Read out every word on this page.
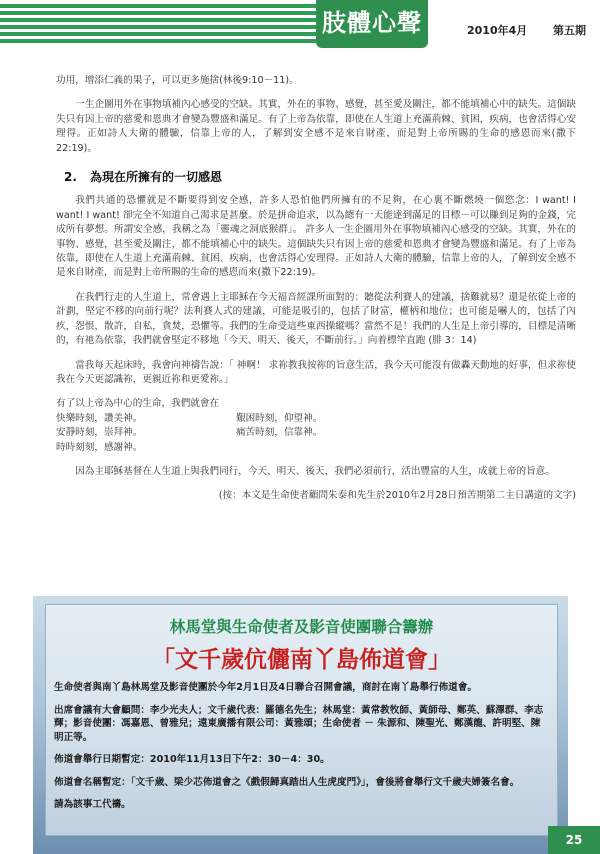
肢體心聲	2010年4月 第五期

功用，增添仁義的果子，可以更多施捨(林後9:10－11)。

一生企圖用外在事物填補內心感受的空缺。其實，外在的事物、感覺，甚至愛及關注，都不能填補心中的缺失。這個缺失只有因上帝的慈愛和恩典才會變為豐盛和滿足。有了上帝為依靠，即使在人生道上充滿荊棘、貧困，疾病，也會活得心安理得。正如詩人大衛的體驗，信靠上帝的人，了解到安全感不是來自財產，而是對上帝所賜的生命的感恩而來(撒下22:19)。

2. 為現在所擁有的一切感恩

我們共通的恐懼就是不斷要得到安全感，許多人恐怕他們所擁有的不足夠，在心裏不斷燃燒一個慾念：I want! I want! I want! 卻完全不知道自己渴求是甚麼。於是拼命追求，以為總有一天能達到滿足的目標－可以賺到足夠的金錢，完成所有夢想。所謂安全感，我稱之為「靈魂之洞底猴群」。 許多人一生企圖用外在事物填補內心感受的空缺。其實，外在的事物、感覺，甚至愛及關注，都不能填補心中的缺失。這個缺失只有因上帝的慈愛和恩典才會變為豐盛和滿足。有了上帝為依靠，即使在人生道上充滿荊棘、貧困、疾病，也會活得心安理得。正如詩人大衛的體驗，信靠上帝的人，了解到安全感不是來自財產，而是對上帝所賜的生命的感恩而來(撒下22:19)。

在我們行走的人生道上，常會遇上主耶穌在今天福音經課所面對的：聽從法利賽人的建議，捨難就易？還是依從上帝的計劃，堅定不移的向前行呢？法利賽人式的建議，可能是吸引的，包括了財富，權柄和地位；也可能是嚇人的，包括了內疚，怨恨，散許，自私，貪焚，恐懼等。我們的生命受這些東西操縱嗎？當然不是！我們的人生是上帝引導的，目標是清晰的，有祂為依靠，我們就會堅定不移地「今天、明天、後天，不斷前行。」向着標竿直跑 (腓 3：14)

當我每天起床時，我會向神禱告說：「 神啊！ 求祢教我按祢的旨意生活，我今天可能沒有做轟天動地的好事，但求祢使我在今天更認識祢，更親近祢和更愛祢。」

有了以上帝為中心的生命，我們就會在
快樂時刻，讚美神。	艱困時刻，仰望神。
安靜時刻，崇拜神。	痛苦時刻，信靠神。
時時刻刻，感謝神。

因為主耶穌基督在人生道上與我們同行，今天、明天、後天，我們必須前行，活出豐富的人生，成就上帝的旨意。

(按：本文是生命使者顧問朱泰和先生於2010年2月28日預苦期第二主日講道的文字)

林馬堂與生命使者及影音使團聯合籌辦
「文千歲伉儷南丫島佈道會」

生命使者與南丫島林馬堂及影音使團於今年2月1日及4日聯合召開會議，商討在南丫島舉行佈道會。

出席會議有大會顧問：李少光夫人；文千歲代表：羅德名先生；林馬堂：黃常教牧師、黃師母、鄭英、蘇澤群、李志輝；影音使團：馮嘉恩、曾雅兒；遠東廣播有限公司：黃雅頌；生命使者 － 朱源和、陳聖光、鄭漢龍、許明堅、陳明正等。

佈道會舉行日期暫定：2010年11月13日下午2：30－4：30。

佈道會名稱暫定：「文千歲、梁少芯佈道會之《戲假歸真踏出人生虎度門》」，會後將會舉行文千歲夫婦簽名會。

請為該事工代禱。

25
